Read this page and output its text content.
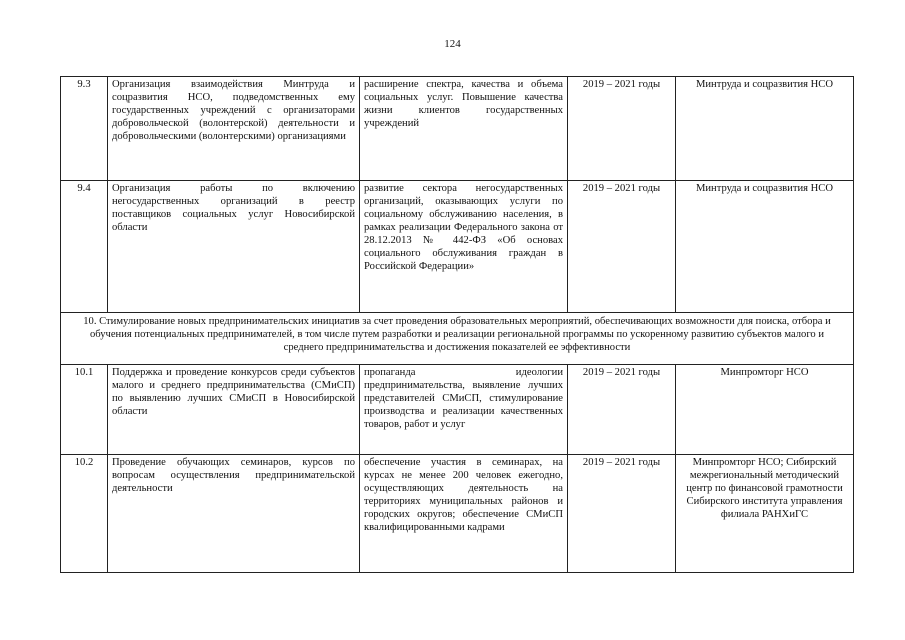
124
9.3	Организация взаимодействия Минтруда и соцразвития НСО, подведомственных ему государственных учреждений с организаторами добровольческой (волонтерской) деятельности и добровольческими (волонтерскими) организациями	расширение спектра, качества и объема социальных услуг. Повышение качества жизни клиентов государственных учреждений	2019 – 2021 годы	Минтруда и соцразвития НСО
9.4	Организация работы по включению негосударственных организаций в реестр поставщиков социальных услуг Новосибирской области	развитие сектора негосударственных организаций, оказывающих услуги по социальному обслуживанию населения, в рамках реализации Федерального закона от 28.12.2013 № 442-ФЗ «Об основах социального обслуживания граждан в Российской Федерации»	2019 – 2021 годы	Минтруда и соцразвития НСО
10. Стимулирование новых предпринимательских инициатив за счет проведения образовательных мероприятий, обеспечивающих возможности для поиска, отбора и обучения потенциальных предпринимателей, в том числе путем разработки и реализации региональной программы по ускоренному развитию субъектов малого и среднего предпринимательства и достижения показателей ее эффективности				
10.1	Поддержка и проведение конкурсов среди субъектов малого и среднего предпринимательства (СМиСП) по выявлению лучших СМиСП в Новосибирской области	пропаганда идеологии предпринимательства, выявление лучших представителей СМиСП, стимулирование производства и реализации качественных товаров, работ и услуг	2019 – 2021 годы	Минпромторг НСО
10.2	Проведение обучающих семинаров, курсов по вопросам осуществления предпринимательской деятельности	обеспечение участия в семинарах, на курсах не менее 200 человек ежегодно, осуществляющих деятельность на территориях муниципальных районов и городских округов; обеспечение СМиСП квалифицированными кадрами	2019 – 2021 годы	Минпромторг НСО; Сибирский межрегиональный методический центр по финансовой грамотности Сибирского института управления филиала РАНХиГС
